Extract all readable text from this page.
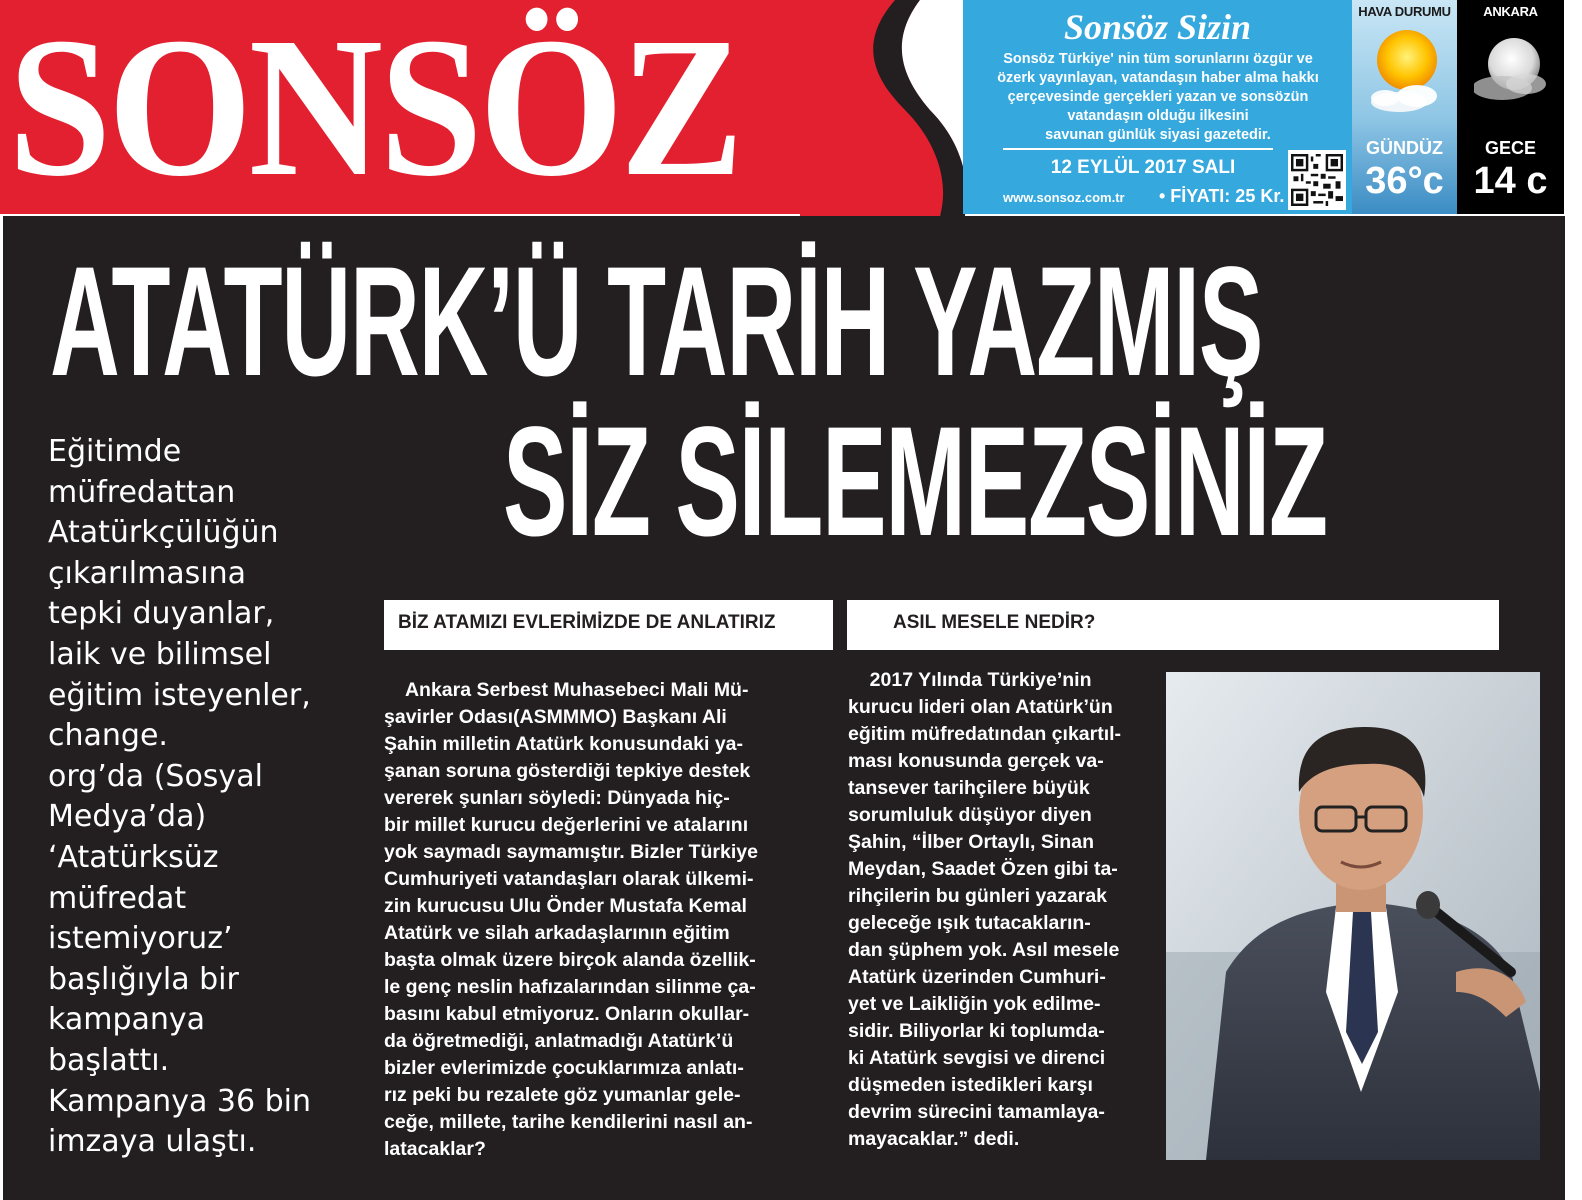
SONSÖZ	Sonsöz Sizin
Sonsöz Türkiye' nin tüm sorunlarını özgür ve
özerk yayınlayan, vatandaşın haber alma hakkı
çerçevesinde gerçekleri yazan ve sonsözün
vatandaşın olduğu ilkesini
savunan günlük siyasi gazetedir.
12 EYLÜL 2017 SALI
www.sonsoz.com.tr • FİYATI: 25 Kr.
HAVA DURUMU
GÜNDÜZ
36°c
ANKARA
GECE
14 c
ATATÜRK’Ü TARİH YAZMIŞ
SİZ SİLEMEZSİNİZ
Eğitimde
müfredattan
Atatürkçülüğün
çıkarılmasına
tepki duyanlar,
laik ve bilimsel
eğitim isteyenler,
change.
org’da (Sosyal
Medya’da)
‘Atatürksüz
müfredat
istemiyoruz’
başlığıyla bir
kampanya
başlattı.
Kampanya 36 bin
imzaya ulaştı.
BİZ ATAMIZI EVLERİMİZDE DE ANLATIRIZ	ASIL MESELE NEDİR?
Ankara Serbest Muhasebeci Mali Mü-
şavirler Odası(ASMMMO) Başkanı Ali
Şahin milletin Atatürk konusundaki ya-
şanan soruna gösterdiği tepkiye destek
vererek şunları söyledi: Dünyada hiç-
bir millet kurucu değerlerini ve atalarını
yok saymadı saymamıştır. Bizler Türkiye
Cumhuriyeti vatandaşları olarak ülkemi-
zin kurucusu Ulu Önder Mustafa Kemal
Atatürk ve silah arkadaşlarının eğitim
başta olmak üzere birçok alanda özellik-
le genç neslin hafızalarından silinme ça-
basını kabul etmiyoruz. Onların okullar-
da öğretmediği, anlatmadığı Atatürk’ü
bizler evlerimizde çocuklarımıza anlatı-
rız peki bu rezalete göz yumanlar gele-
ceğe, millete, tarihe kendilerini nasıl an-
latacaklar?
2017 Yılında Türkiye’nin
kurucu lideri olan Atatürk’ün
eğitim müfredatından çıkartıl-
ması konusunda gerçek va-
tansever tarihçilere büyük
sorumluluk düşüyor diyen
Şahin, “İlber Ortaylı, Sinan
Meydan, Saadet Özen gibi ta-
rihçilerin bu günleri yazarak
geleceğe ışık tutacakların-
dan şüphem yok. Asıl mesele
Atatürk üzerinden Cumhuri-
yet ve Laikliğin yok edilme-
sidir. Biliyorlar ki toplumda-
ki Atatürk sevgisi ve direnci
düşmeden istedikleri karşı
devrim sürecini tamamlaya-
mayacaklar.” dedi.
